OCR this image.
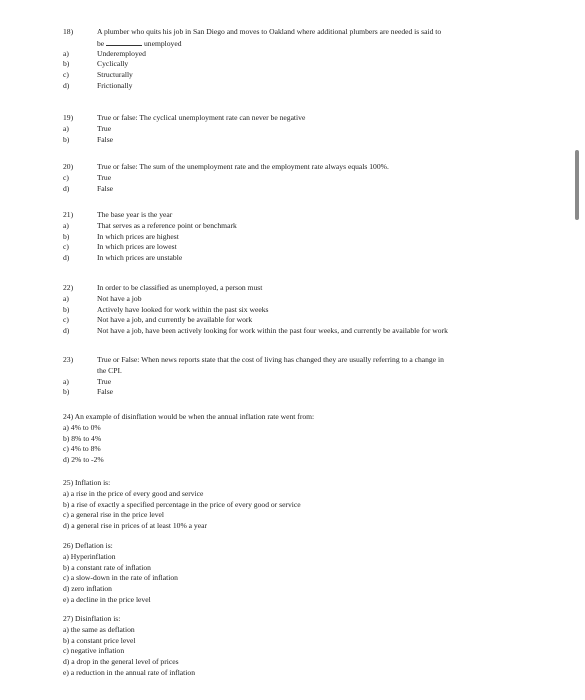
18)	A plumber who quits his job in San Diego and moves to Oakland where additional plumbers are needed is said to
be	unemployed
a)	Underemployed
b)	Cyclically
c)	Structurally
d)	Frictionally
19)	True or false: The cyclical unemployment rate can never be negative
a)	True
b)	False
20)	True or false: The sum of the unemployment rate and the employment rate always equals 100%.
c)	True
d)	False
21)	The base year is the year
a)	That serves as a reference point or benchmark
b)	In which prices are highest
c)	In which prices are lowest
d)	In which prices are unstable
22)	In order to be classified as unemployed, a person must
a)	Not have a job
b)	Actively have looked for work within the past six weeks
c)	Not have a job, and currently be available for work
d)	Not have a job, have been actively looking for work within the past four weeks, and currently be available for work
23)	True or False: When news reports state that the cost of living has changed they are usually referring to a change in
the CPI.
a)	True
b)	False
24) An example of disinflation would be when the annual inflation rate went from:
a) 4% to 0%
b) 8% to 4%
c) 4% to 8%
d) 2% to -2%
25) Inflation is:
a) a rise in the price of every good and service
b) a rise of exactly a specified percentage in the price of every good or service
c) a general rise in the price level
d) a general rise in prices of at least 10% a year
26) Deflation is:
a) Hyperinflation
b) a constant rate of inflation
c) a slow-down in the rate of inflation
d) zero inflation
e) a decline in the price level
27) Disinflation is:
a) the same as deflation
b) a constant price level
c) negative inflation
d) a drop in the general level of prices
e) a reduction in the annual rate of inflation
